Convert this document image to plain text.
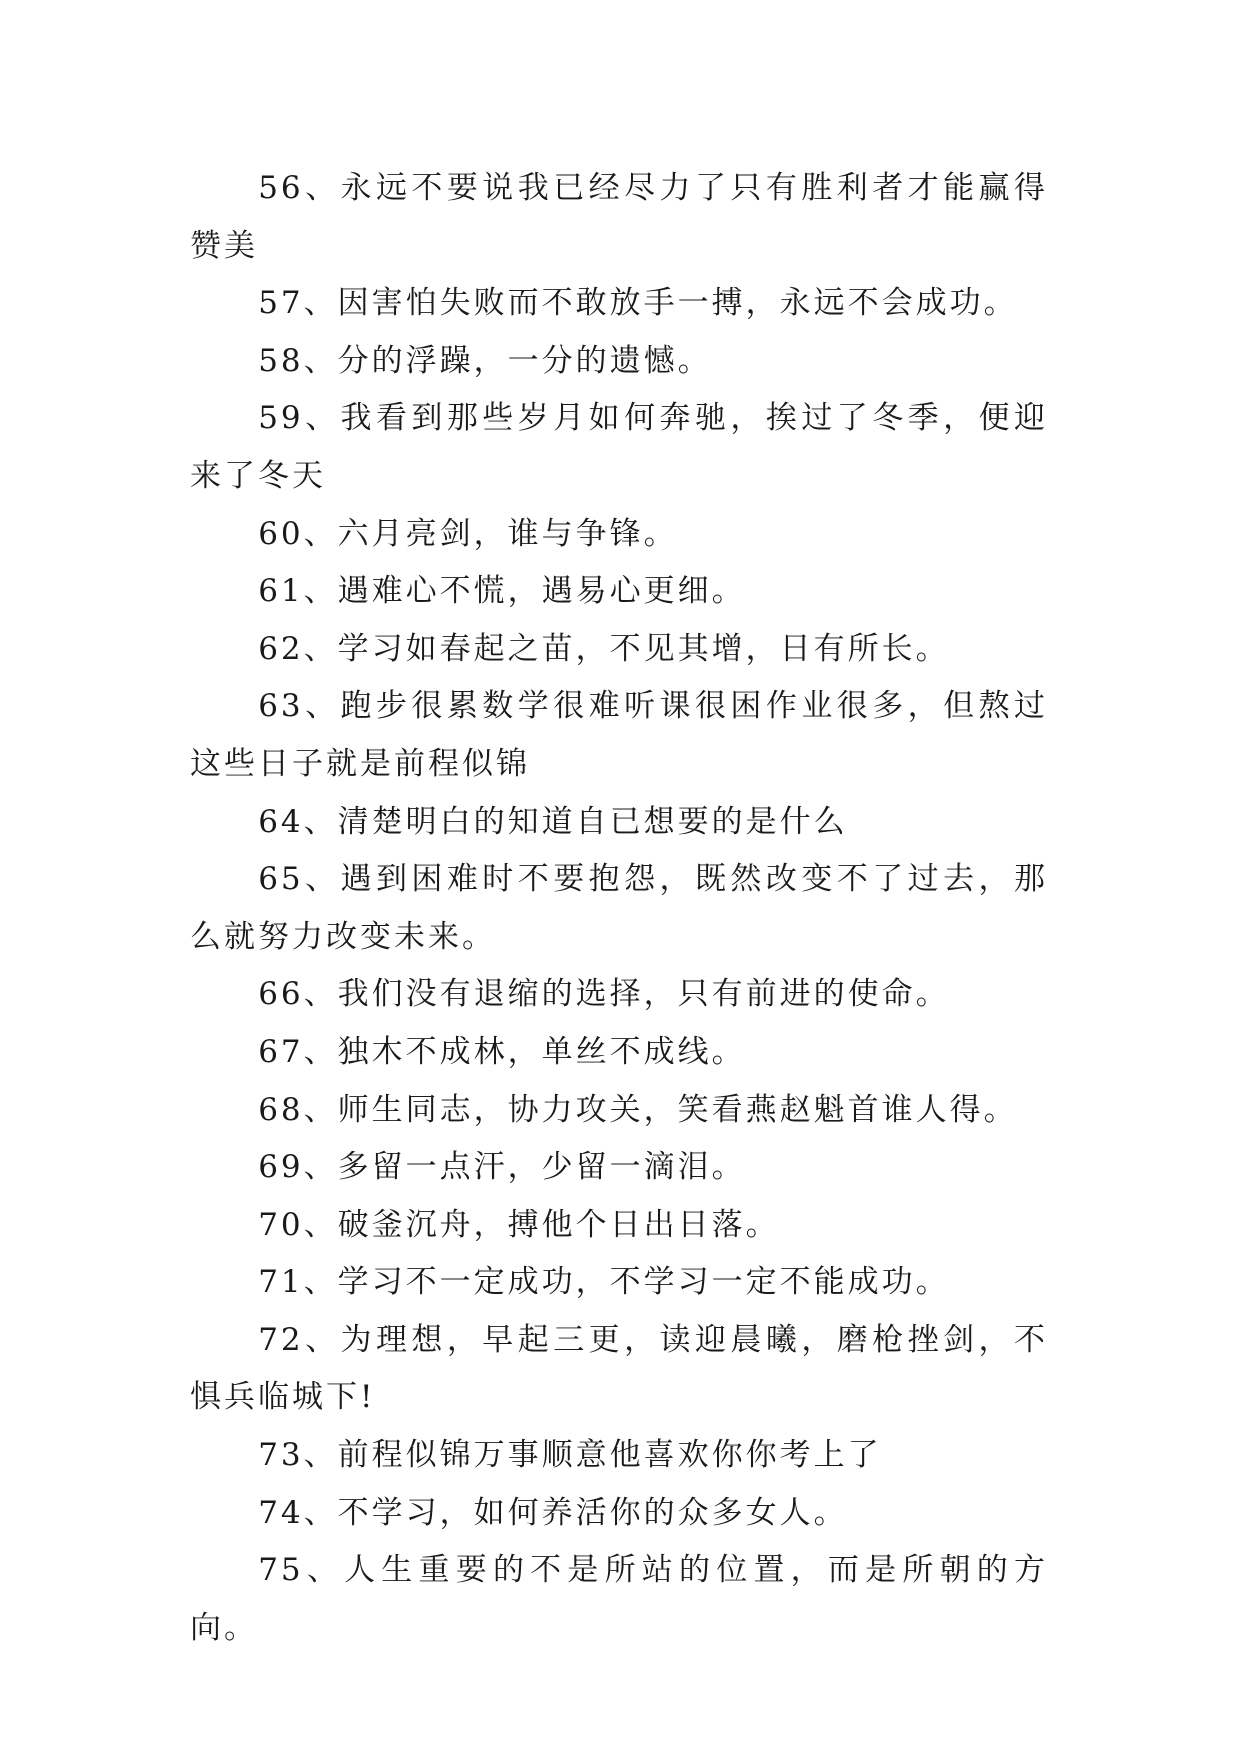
56、永远不要说我已经尽力了只有胜利者才能赢得赞美

57、因害怕失败而不敢放手一搏，永远不会成功。

58、分的浮躁，一分的遗憾。

59、我看到那些岁月如何奔驰，挨过了冬季，便迎来了冬天

60、六月亮剑，谁与争锋。

61、遇难心不慌，遇易心更细。

62、学习如春起之苗，不见其增，日有所长。

63、跑步很累数学很难听课很困作业很多，但熬过这些日子就是前程似锦

64、清楚明白的知道自已想要的是什么

65、遇到困难时不要抱怨，既然改变不了过去，那么就努力改变未来。

66、我们没有退缩的选择，只有前进的使命。

67、独木不成林，单丝不成线。

68、师生同志，协力攻关，笑看燕赵魁首谁人得。

69、多留一点汗，少留一滴泪。

70、破釜沉舟，搏他个日出日落。

71、学习不一定成功，不学习一定不能成功。

72、为理想，早起三更，读迎晨曦，磨枪挫剑，不惧兵临城下!

73、前程似锦万事顺意他喜欢你你考上了

74、不学习，如何养活你的众多女人。

75、人生重要的不是所站的位置，而是所朝的方向。
